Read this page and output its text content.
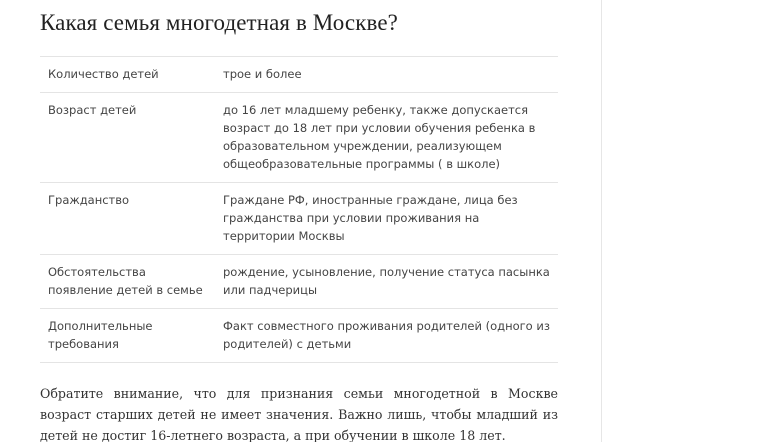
Какая семья многодетная в Москве?
Количество детей	трое и более
Возраст детей	до 16 лет младшему ребенку, также допускается возраст до 18 лет при условии обучения ребенка в образовательном учреждении, реализующем общеобразовательные программы ( в школе)
Гражданство	Граждане РФ, иностранные граждане, лица без гражданства при условии проживания на территории Москвы
Обстоятельства появление детей в семье	рождение, усыновление, получение статуса пасынка или падчерицы
Дополнительные требования	Факт совместного проживания родителей (одного из родителей) с детьми

Обратите внимание, что для признания семьи многодетной в Москве возраст старших детей не имеет значения. Важно лишь, чтобы младший из детей не достиг 16-летнего возраста, а при обучении в школе 18 лет.
